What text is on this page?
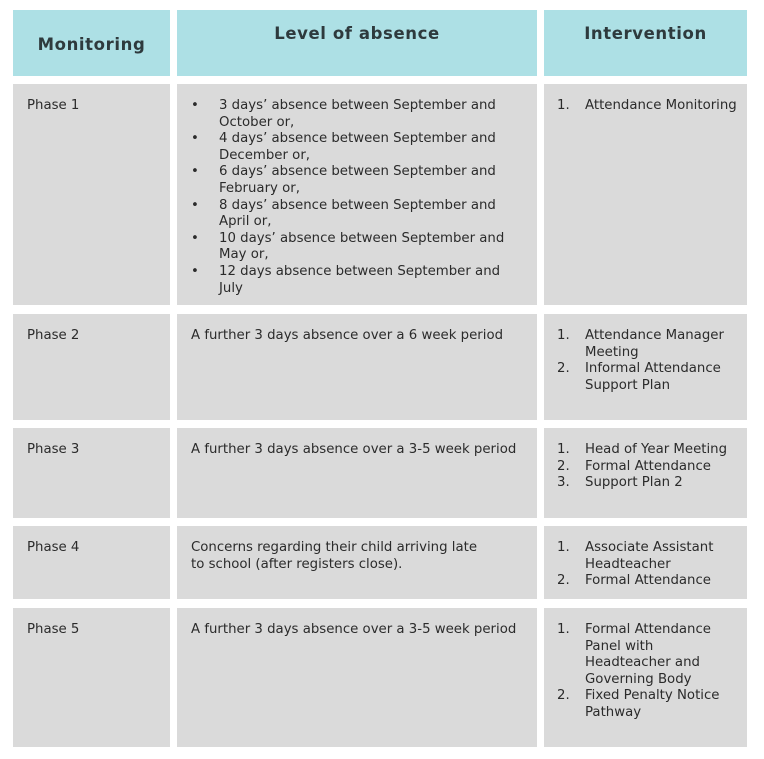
Monitoring
Level of absence	Intervention
Phase 1
•	3 days’ absence between September and October or,
• 4 days’ absence between September and December or,
• 6 days’ absence between September and February or,
• 8 days’ absence between September and April or,
• 10 days’ absence between September and May or,
• 12 days absence between September and July
1. Attendance Monitoring
Phase 2	A further 3 days absence over a 6 week period	1. Attendance Manager Meeting
2. Informal Attendance Support Plan
Phase 3	A further 3 days absence over a 3-5 week period	1. Head of Year Meeting
2. Formal Attendance
3. Support Plan 2
Phase 4	Concerns regarding their child arriving late to school (after registers close).
1. Associate Assistant Headteacher
2. Formal Attendance
Phase 5	A further 3 days absence over a 3-5 week period	1. Formal Attendance Panel with Headteacher and Governing Body
2. Fixed Penalty Notice Pathway
